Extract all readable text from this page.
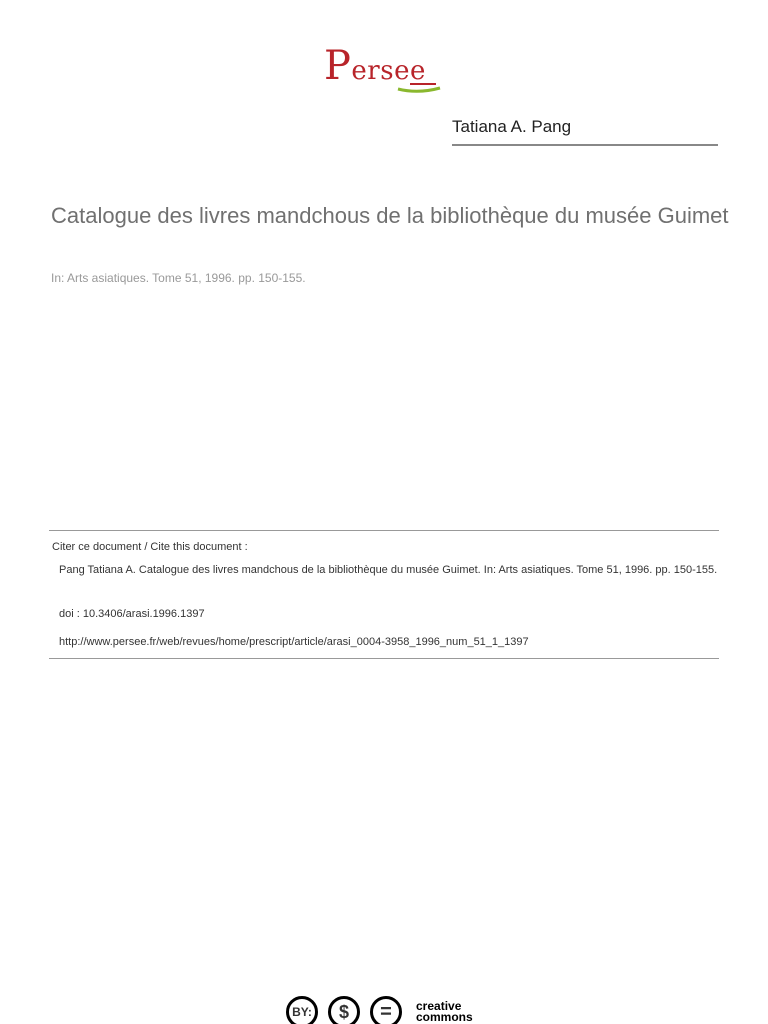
Persee
Tatiana A. Pang
Catalogue des livres mandchous de la bibliothèque du musée Guimet
In: Arts asiatiques. Tome 51, 1996. pp. 150-155.
Citer ce document / Cite this document :
Pang Tatiana A. Catalogue des livres mandchous de la bibliothèque du musée Guimet. In: Arts asiatiques. Tome 51, 1996. pp. 150-155.
doi : 10.3406/arasi.1996.1397
http://www.persee.fr/web/revues/home/prescript/article/arasi_0004-3958_1996_num_51_1_1397
BY:	$	=	creative
commons
